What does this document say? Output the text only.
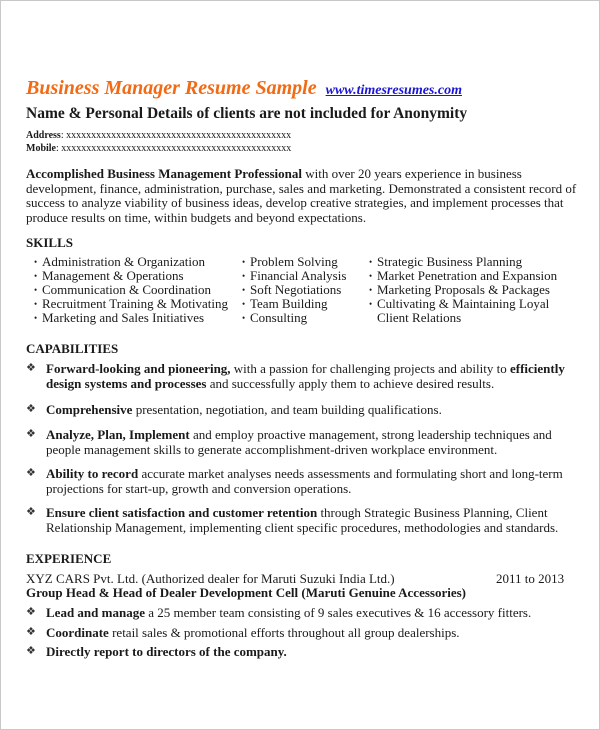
Business Manager Resume Sample www.timesresumes.com
Name & Personal Details of clients are not included for Anonymity
Address: xxxxxxxxxxxxxxxxxxxxxxxxxxxxxxxxxxxxxxxxxxxxx
Mobile: xxxxxxxxxxxxxxxxxxxxxxxxxxxxxxxxxxxxxxxxxxxxxx
Accomplished Business Management Professional with over 20 years experience in business development, finance, administration, purchase, sales and marketing. Demonstrated a consistent record of success to analyze viability of business ideas, develop creative strategies, and implement processes that produce results on time, within budgets and beyond expectations.
SKILLS
• Administration & Organization
• Management & Operations
• Communication & Coordination
• Recruitment Training & Motivating
• Marketing and Sales Initiatives
• Problem Solving
• Financial Analysis
• Soft Negotiations
• Team Building
• Consulting
• Strategic Business Planning
• Market Penetration and Expansion
• Marketing Proposals & Packages
• Cultivating & Maintaining Loyal
Client Relations
CAPABILITIES
❖ Forward-looking and pioneering, with a passion for challenging projects and ability to efficiently design systems and processes and successfully apply them to achieve desired results.
❖ Comprehensive presentation, negotiation, and team building qualifications.
❖ Analyze, Plan, Implement and employ proactive management, strong leadership techniques and people management skills to generate accomplishment-driven workplace environment.
❖ Ability to record accurate market analyses needs assessments and formulating short and long-term projections for start-up, growth and conversion operations.
❖ Ensure client satisfaction and customer retention through Strategic Business Planning, Client Relationship Management, implementing client specific procedures, methodologies and standards.
EXPERIENCE
XYZ CARS Pvt. Ltd. (Authorized dealer for Maruti Suzuki India Ltd.)	2011 to 2013
Group Head & Head of Dealer Development Cell (Maruti Genuine Accessories)
❖ Lead and manage a 25 member team consisting of 9 sales executives & 16 accessory fitters.
❖ Coordinate retail sales & promotional efforts throughout all group dealerships.
❖ Directly report to directors of the company.
